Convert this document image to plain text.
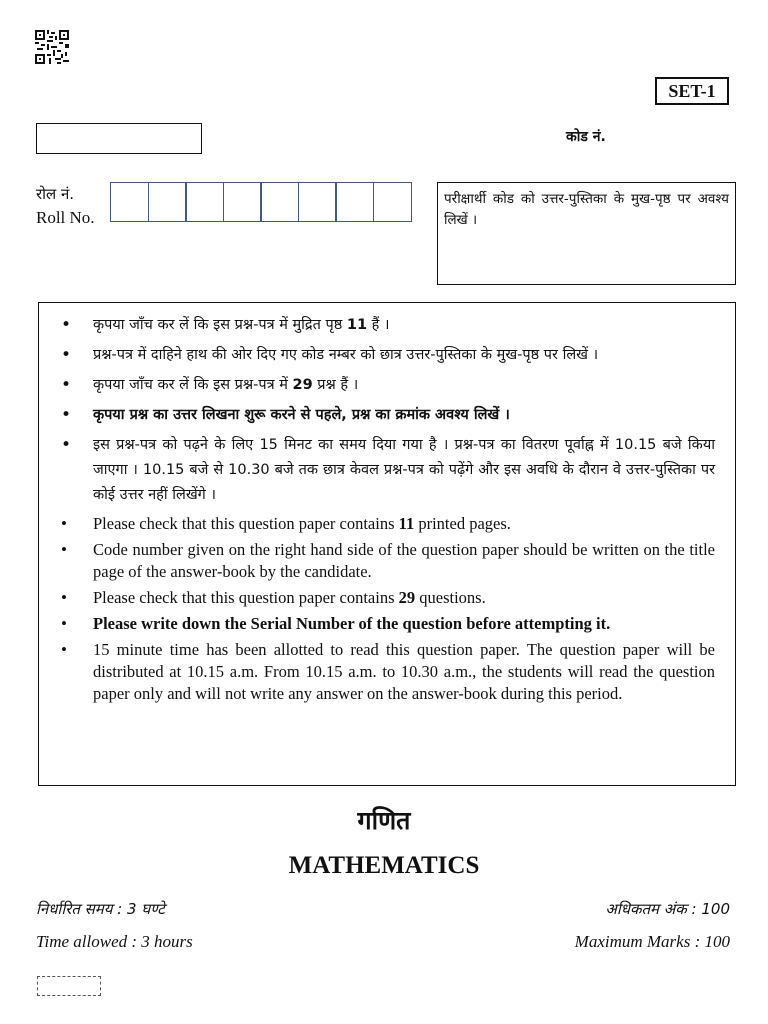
SET-1
कोड नं.
रोल नं.
Roll No.
परीक्षार्थी कोड को उत्तर-पुस्तिका के मुख-पृष्ठ पर अवश्य लिखें ।
• कृपया जाँच कर लें कि इस प्रश्न-पत्र में मुद्रित पृष्ठ 11 हैं ।
• प्रश्न-पत्र में दाहिने हाथ की ओर दिए गए कोड नम्बर को छात्र उत्तर-पुस्तिका के मुख-पृष्ठ पर लिखें ।
• कृपया जाँच कर लें कि इस प्रश्न-पत्र में 29 प्रश्न हैं ।
• कृपया प्रश्न का उत्तर लिखना शुरू करने से पहले, प्रश्न का क्रमांक अवश्य लिखें ।
• इस प्रश्न-पत्र को पढ़ने के लिए 15 मिनट का समय दिया गया है । प्रश्न-पत्र का वितरण पूर्वाह्न में 10.15 बजे किया जाएगा । 10.15 बजे से 10.30 बजे तक छात्र केवल प्रश्न-पत्र को पढ़ेंगे और इस अवधि के दौरान वे उत्तर-पुस्तिका पर कोई उत्तर नहीं लिखेंगे ।
• Please check that this question paper contains 11 printed pages.
• Code number given on the right hand side of the question paper should be written on the title page of the answer-book by the candidate.
• Please check that this question paper contains 29 questions.
• Please write down the Serial Number of the question before attempting it.
• 15 minute time has been allotted to read this question paper. The question paper will be distributed at 10.15 a.m. From 10.15 a.m. to 10.30 a.m., the students will read the question paper only and will not write any answer on the answer-book during this period.
गणित
MATHEMATICS
निर्धारित समय : 3 घण्टे	अधिकतम अंक : 100
Time allowed : 3 hours	Maximum Marks : 100
